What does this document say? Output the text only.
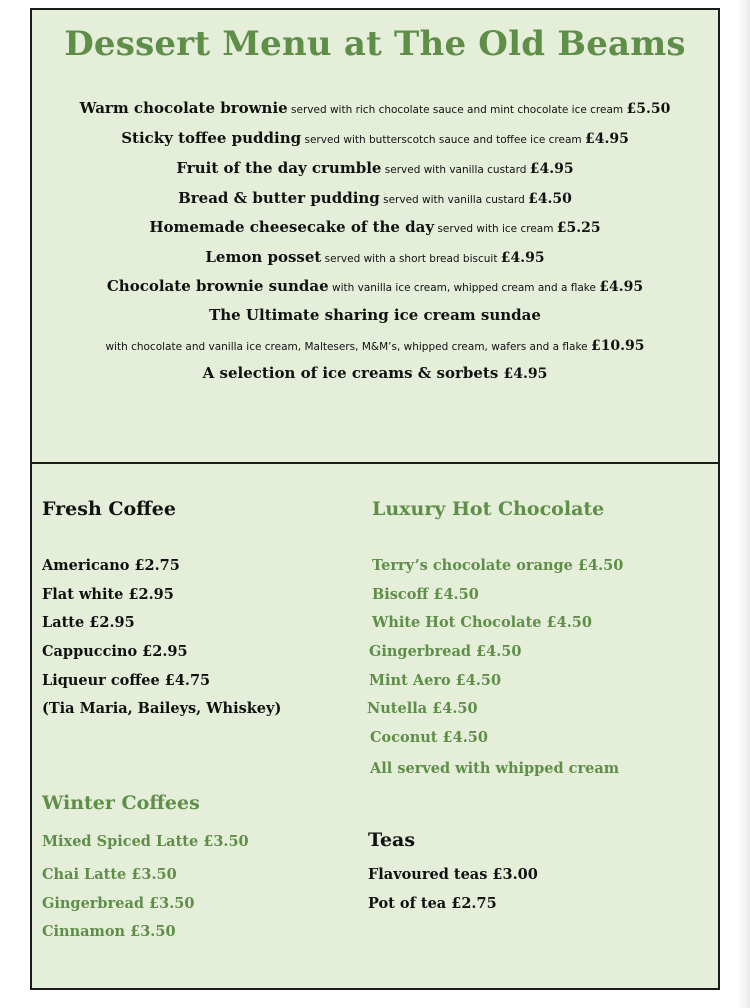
Dessert Menu at The Old Beams
Warm chocolate brownie served with rich chocolate sauce and mint chocolate ice cream £5.50
Sticky toffee pudding served with butterscotch sauce and toffee ice cream £4.95
Fruit of the day crumble served with vanilla custard £4.95
Bread & butter pudding served with vanilla custard £4.50
Homemade cheesecake of the day served with ice cream £5.25
Lemon posset served with a short bread biscuit £4.95
Chocolate brownie sundae with vanilla ice cream, whipped cream and a flake £4.95
The Ultimate sharing ice cream sundae
with chocolate and vanilla ice cream, Maltesers, M&M’s, whipped cream, wafers and a flake £10.95
A selection of ice creams & sorbets £4.95
Fresh Coffee
Americano £2.75
Flat white £2.95
Latte £2.95
Cappuccino £2.95
Liqueur coffee £4.75
(Tia Maria, Baileys, Whiskey)
Luxury Hot Chocolate
Terry’s chocolate orange £4.50
Biscoff £4.50
White Hot Chocolate £4.50
Gingerbread £4.50
Mint Aero £4.50
Nutella £4.50
Coconut £4.50
All served with whipped cream
Winter Coffees
Mixed Spiced Latte £3.50
Chai Latte £3.50
Gingerbread £3.50
Cinnamon £3.50
Teas
Flavoured teas £3.00
Pot of tea £2.75
